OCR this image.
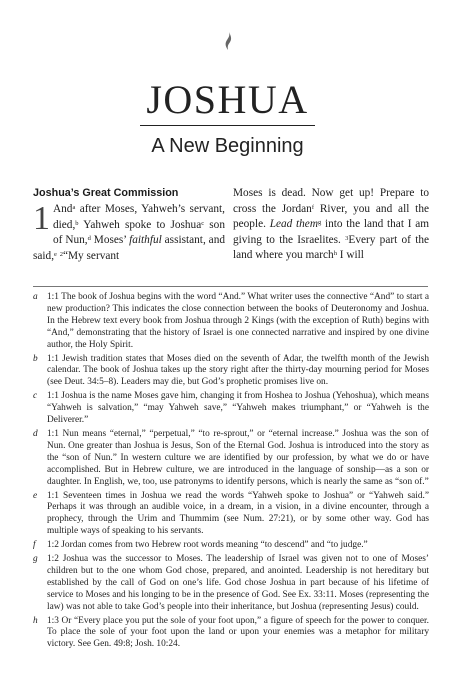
JOSHUA
A New Beginning
Joshua’s Great Commission
1 And$^a$ after Moses, Yahweh’s servant, died,$^b$ Yahweh spoke to Joshua$^c$ son of Nun,$^d$ Moses’ faithful assistant, and said,$^e$ $^2$“My servant
Moses is dead. Now get up! Prepare to cross the Jordan$^f$ River, you and all the people. Lead them$^g$ into the land that I am giving to the Israelites. $^3$Every part of the land where you march$^h$ I will
a 1:1 The book of Joshua begins with the word “And.” What writer uses the connective “And” to start a new production? This indicates the close connection between the books of Deuteronomy and Joshua. In the Hebrew text every book from Joshua through 2 Kings (with the exception of Ruth) begins with “And,” demonstrating that the history of Israel is one connected narrative and inspired by one divine author, the Holy Spirit.

b 1:1 Jewish tradition states that Moses died on the seventh of Adar, the twelfth month of the Jewish calendar. The book of Joshua takes up the story right after the thirty-day mourning period for Moses (see Deut. 34:5–8). Leaders may die, but God’s prophetic promises live on.

c 1:1 Joshua is the name Moses gave him, changing it from Hoshea to Joshua (Yehoshua), which means “Yahweh is salvation,” “may Yahweh save,” “Yahweh makes triumphant,” or “Yahweh is the Deliverer.”

d 1:1 Nun means “eternal,” “perpetual,” “to re-sprout,” or “eternal increase.” Joshua was the son of Nun. One greater than Joshua is Jesus, Son of the Eternal God. Joshua is introduced into the story as the “son of Nun.” In western culture we are identified by our profession, by what we do or have accomplished. But in Hebrew culture, we are introduced in the language of sonship—as a son or daughter. In English, we, too, use patronyms to identify persons, which is nearly the same as “son of.”

e 1:1 Seventeen times in Joshua we read the words “Yahweh spoke to Joshua” or “Yahweh said.” Perhaps it was through an audible voice, in a dream, in a vision, in a divine encounter, through a prophecy, through the Urim and Thummim (see Num. 27:21), or by some other way. God has multiple ways of speaking to his servants.

f 1:2 Jordan comes from two Hebrew root words meaning “to descend” and “to judge.”

g 1:2 Joshua was the successor to Moses. The leadership of Israel was given not to one of Moses’ children but to the one whom God chose, prepared, and anointed. Leadership is not hereditary but established by the call of God on one’s life. God chose Joshua in part because of his lifetime of service to Moses and his longing to be in the presence of God. See Ex. 33:11. Moses (representing the law) was not able to take God’s people into their inheritance, but Joshua (representing Jesus) could.

h 1:3 Or “Every place you put the sole of your foot upon,” a figure of speech for the power to conquer. To place the sole of your foot upon the land or upon your enemies was a metaphor for military victory. See Gen. 49:8; Josh. 10:24.
